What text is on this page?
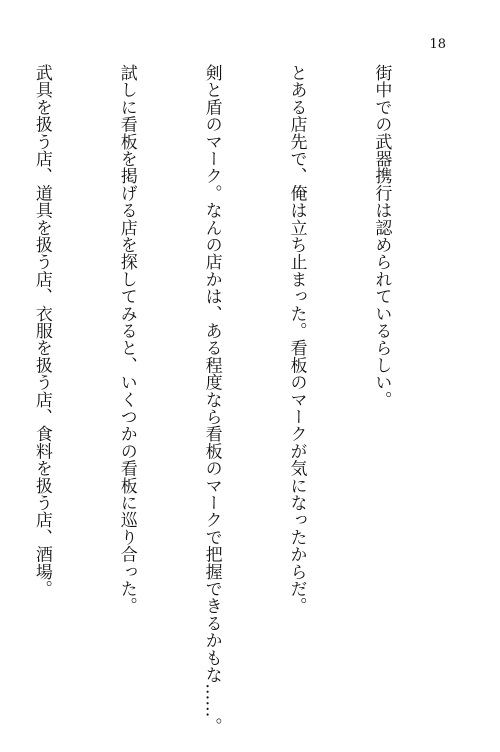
18

街中での武器携行は認められているらしい。

とある店先で、俺は立ち止まった。看板のマークが気になったからだ。

剣と盾のマーク。なんの店かは、ある程度なら看板のマークで把握できるかもな……。

試しに看板を掲げる店を探してみると、いくつかの看板に巡り合った。

武具を扱う店、道具を扱う店、衣服を扱う店、食料を扱う店、酒場。
